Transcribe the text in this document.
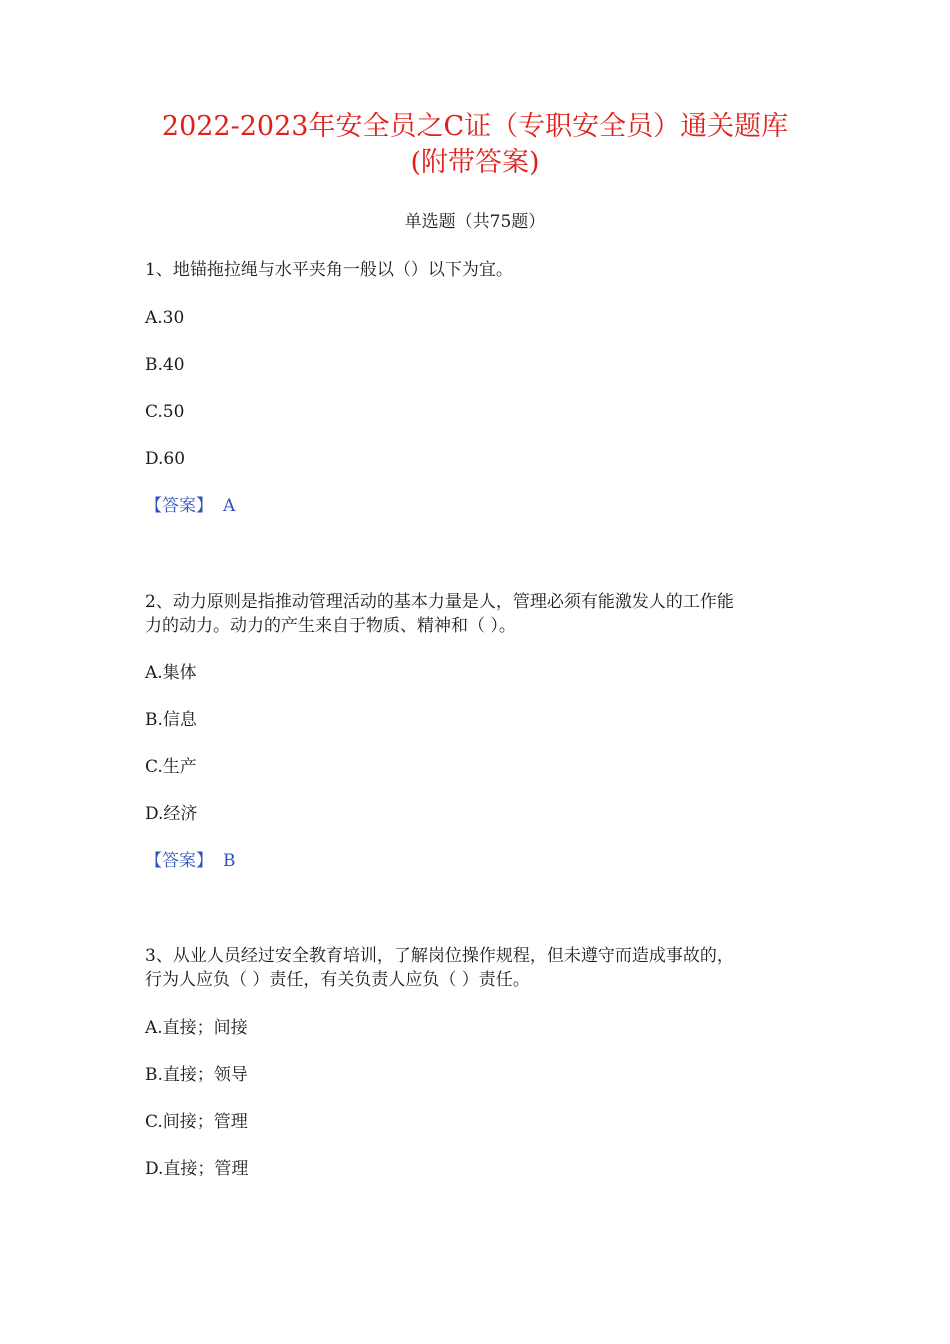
2022-2023年安全员之C证（专职安全员）通关题库
(附带答案)
单选题（共75题）
1、地锚拖拉绳与水平夹角一般以（）以下为宜。
A.30
B.40
C.50
D.60
【答案】 A
2、动力原则是指推动管理活动的基本力量是人，管理必须有能激发人的工作能
力的动力。动力的产生来自于物质、精神和（ ）。
A.集体
B.信息
C.生产
D.经济
【答案】 B
3、从业人员经过安全教育培训，了解岗位操作规程，但未遵守而造成事故的，
行为人应负（ ）责任，有关负责人应负（ ）责任。
A.直接；间接
B.直接；领导
C.间接；管理
D.直接；管理
